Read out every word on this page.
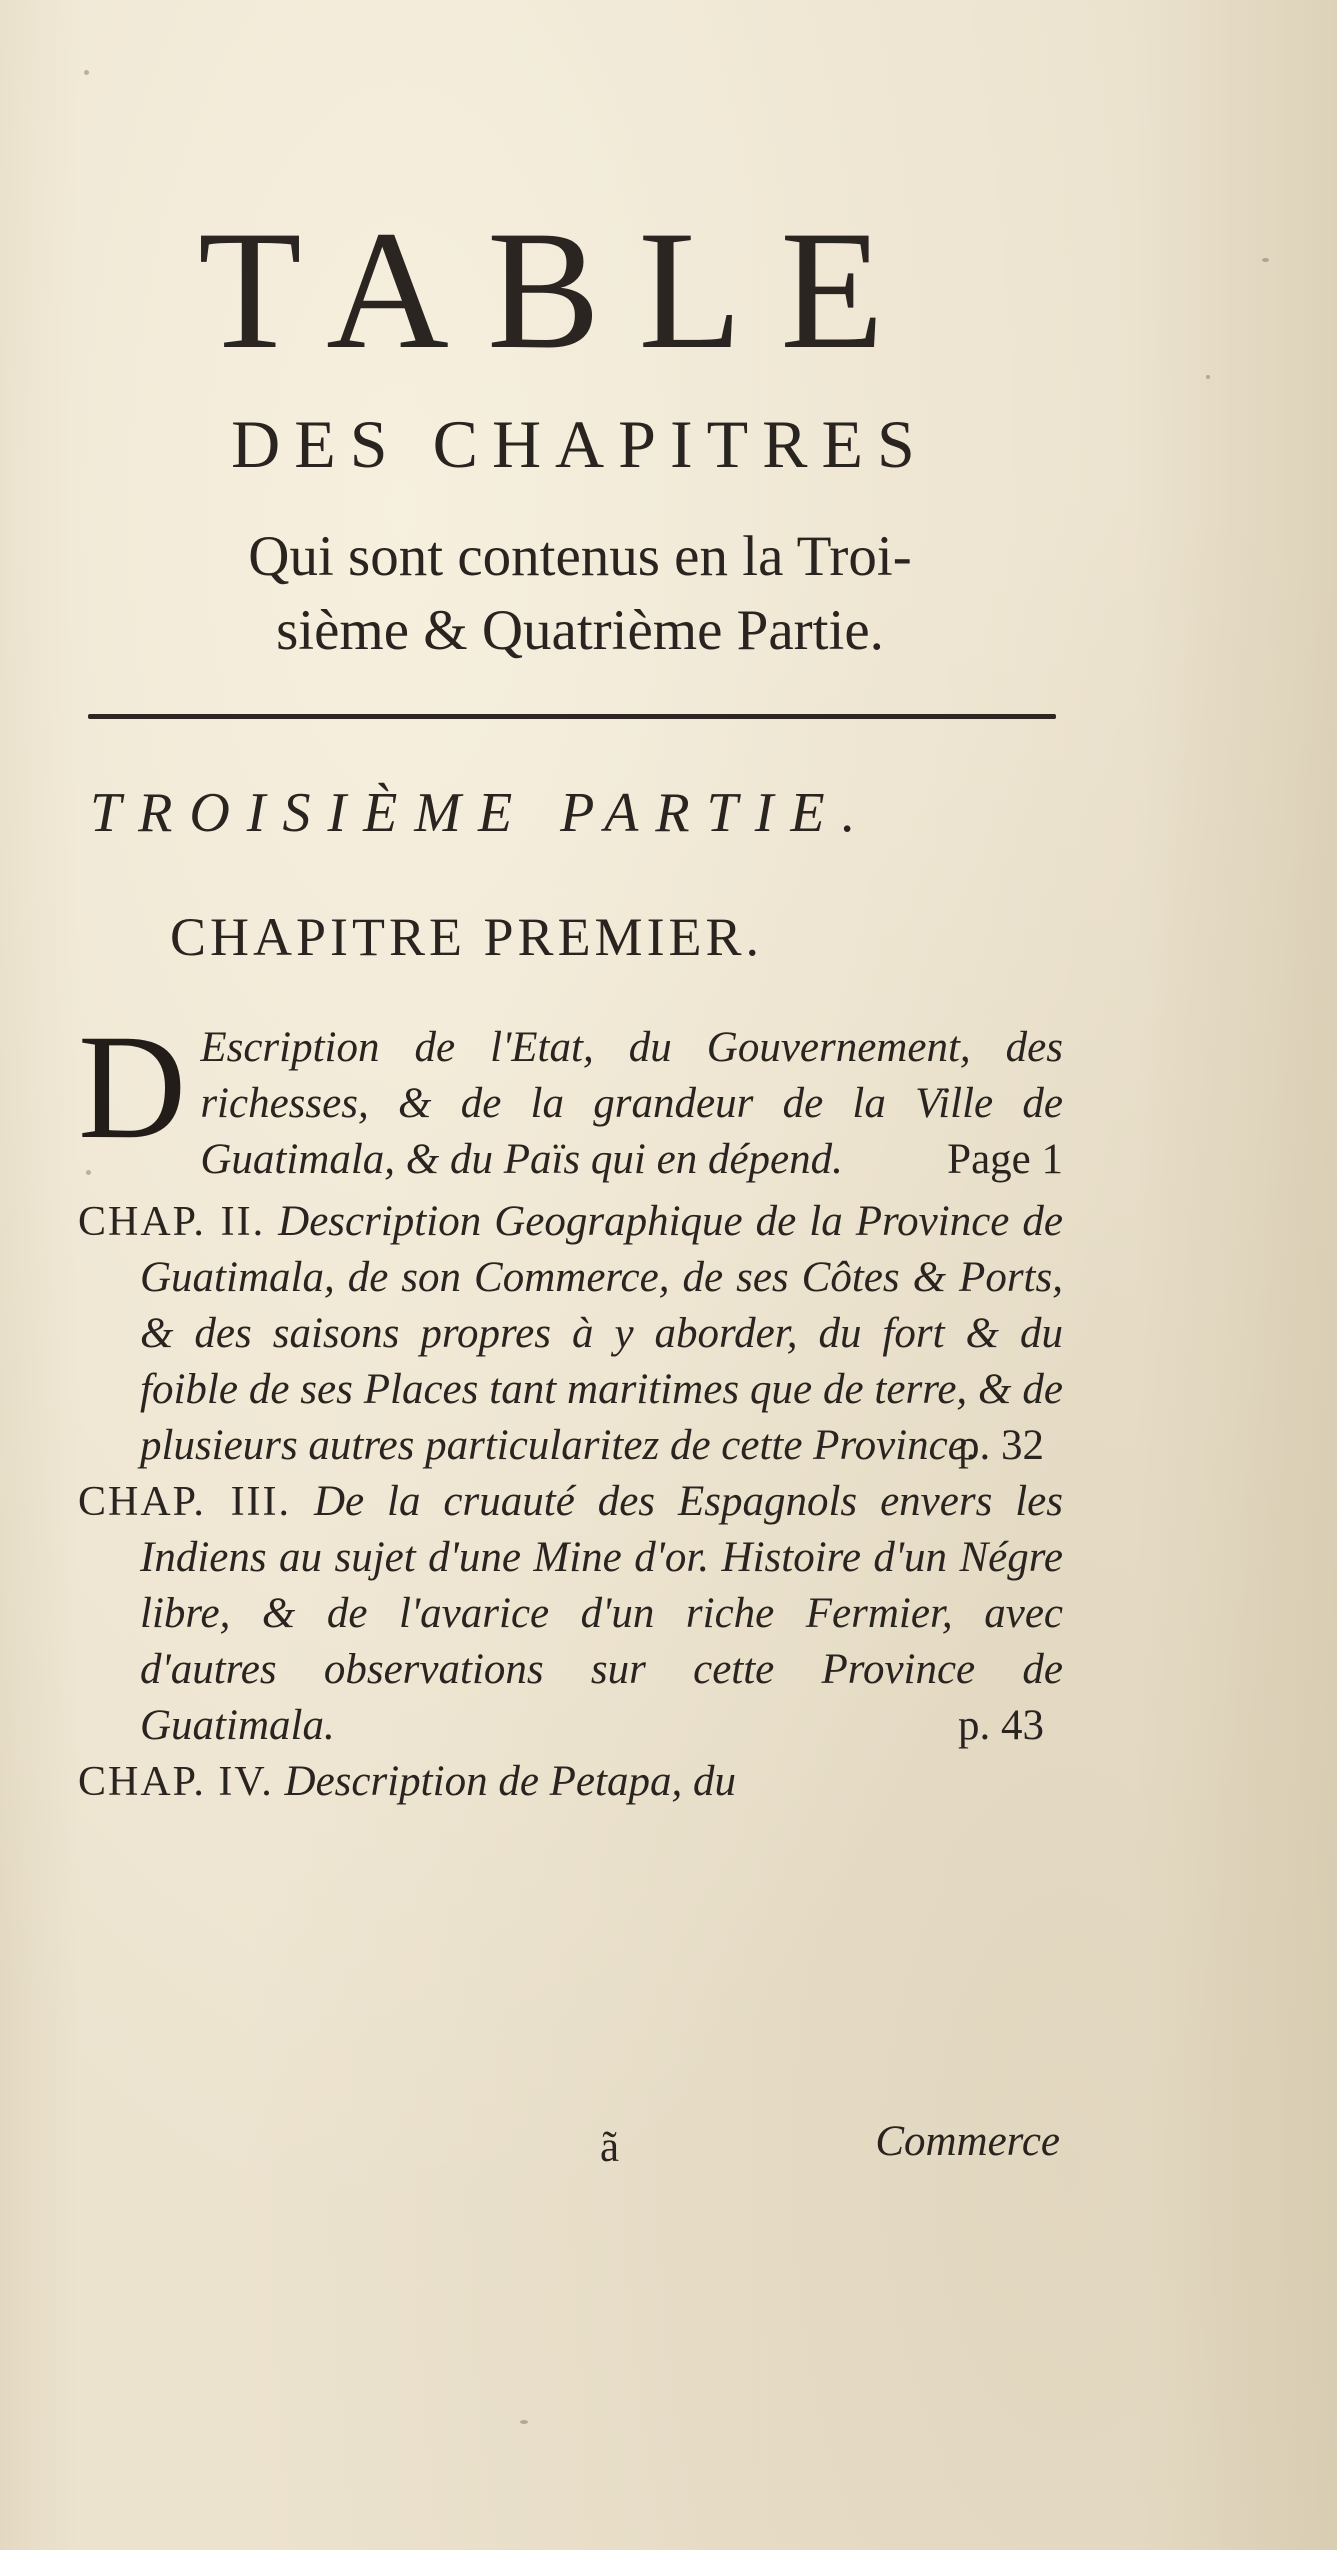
TABLE
DES CHAPITRES
Qui sont contenus en la Troi-
sième & Quatrième Partie.
TROISIÈME PARTIE.
CHAPITRE PREMIER.

D Escription de l'Etat, du Gouvernement, des richesses, & de la grandeur de la Ville de Guatimala, & du Païs qui en dépend. Page 1

CHAP. II. Description Geographique de la Province de Guatimala, de son Commerce, de ses Côtes & Ports, & des saisons propres à y aborder, du fort & du foible de ses Places tant maritimes que de terre, & de plusieurs autres particularitez de cette Province.
p. 32

CHAP. III. De la cruauté des Espagnols envers les Indiens au sujet d'une Mine d'or. Histoire d'un Négre libre, & de l'avarice d'un riche Fermier, avec d'autres observations sur cette Province de Guatimala.	p. 43

CHAP. IV. Description de Petapa, du

ã	Commerce
